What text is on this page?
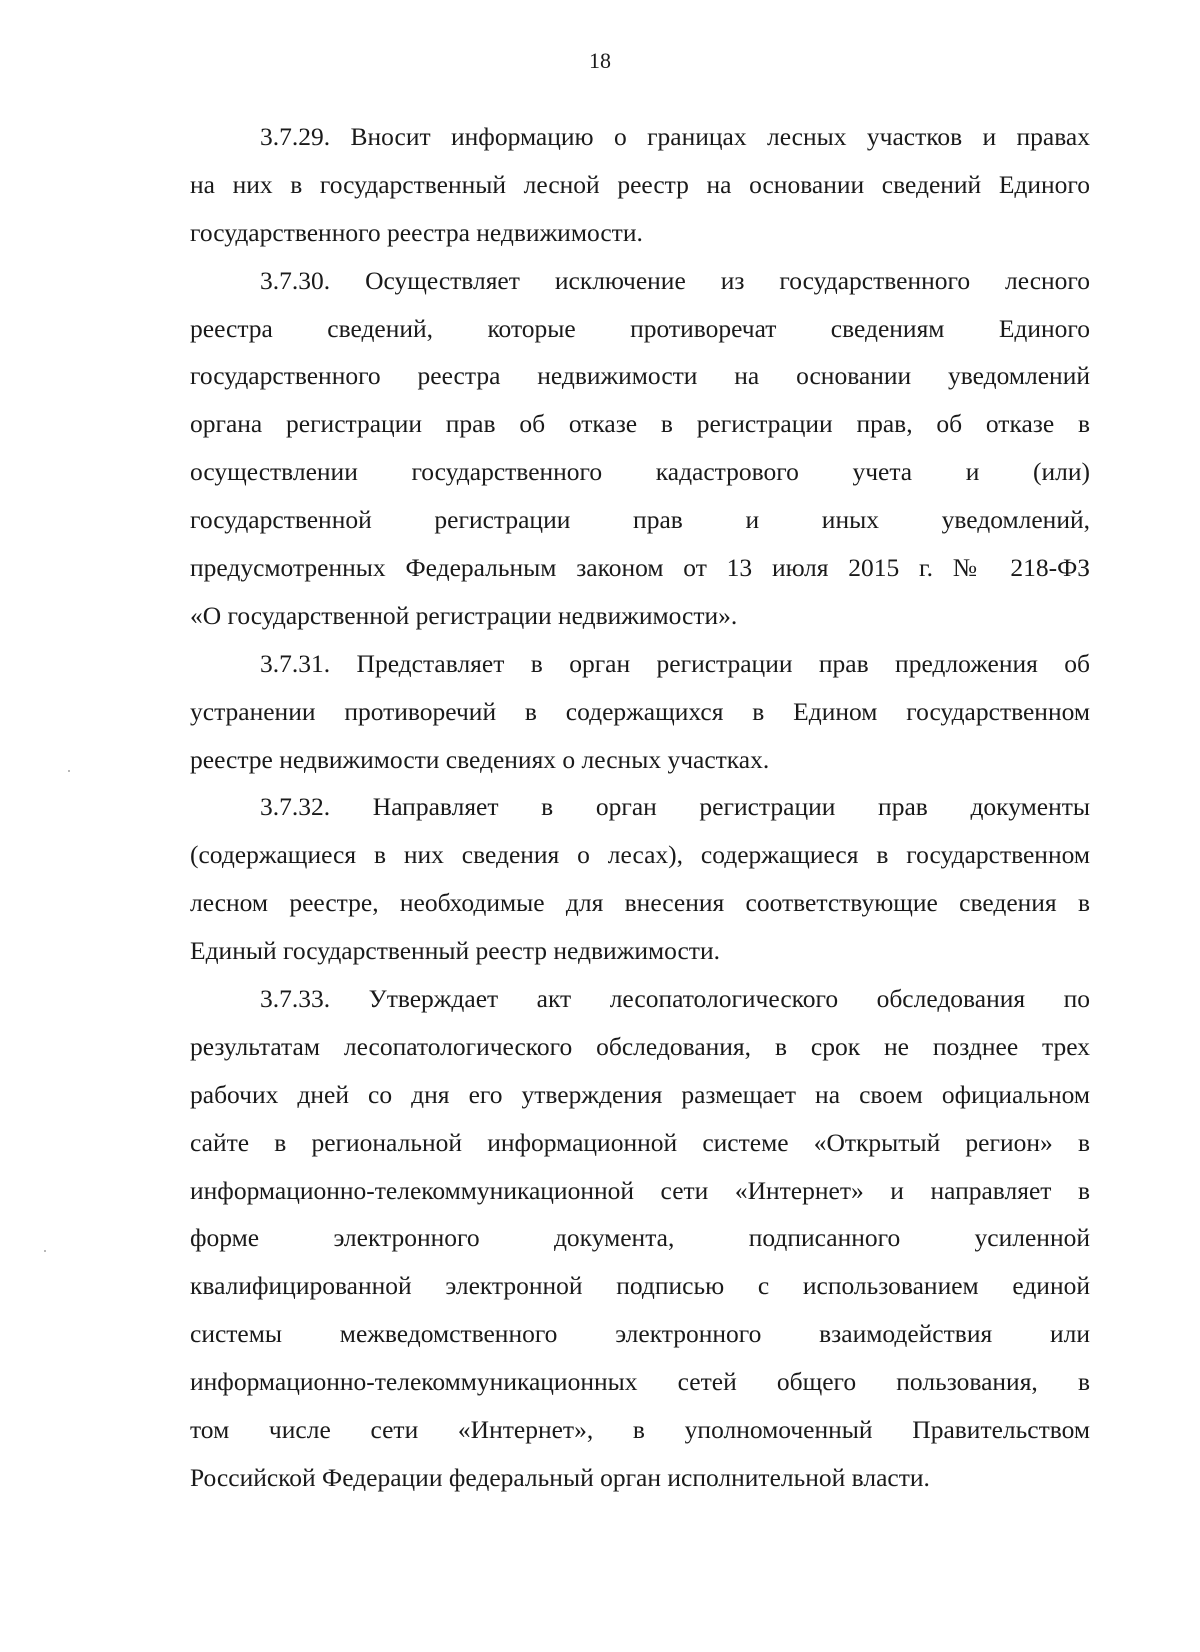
18
3.7.29. Вносит информацию о границах лесных участков и правах
на них в государственный лесной реестр на основании сведений Единого
государственного реестра недвижимости.
3.7.30. Осуществляет исключение из государственного лесного
реестра сведений, которые противоречат сведениям Единого
государственного реестра недвижимости на основании уведомлений
органа регистрации прав об отказе в регистрации прав, об отказе в
осуществлении государственного кадастрового учета и (или)
государственной регистрации прав и иных уведомлений,
предусмотренных Федеральным законом от 13 июля 2015 г. № 218-ФЗ
«О государственной регистрации недвижимости».
3.7.31. Представляет в орган регистрации прав предложения об
устранении противоречий в содержащихся в Едином государственном
реестре недвижимости сведениях о лесных участках.
3.7.32. Направляет в орган регистрации прав документы
(содержащиеся в них сведения о лесах), содержащиеся в государственном
лесном реестре, необходимые для внесения соответствующие сведения в
Единый государственный реестр недвижимости.
3.7.33. Утверждает акт лесопатологического обследования по
результатам лесопатологического обследования, в срок не позднее трех
рабочих дней со дня его утверждения размещает на своем официальном
сайте в региональной информационной системе «Открытый регион» в
информационно-телекоммуникационной сети «Интернет» и направляет в
форме электронного документа, подписанного усиленной
квалифицированной электронной подписью с использованием единой
системы межведомственного электронного взаимодействия или
информационно-телекоммуникационных сетей общего пользования, в
том числе сети «Интернет», в уполномоченный Правительством
Российской Федерации федеральный орган исполнительной власти.
